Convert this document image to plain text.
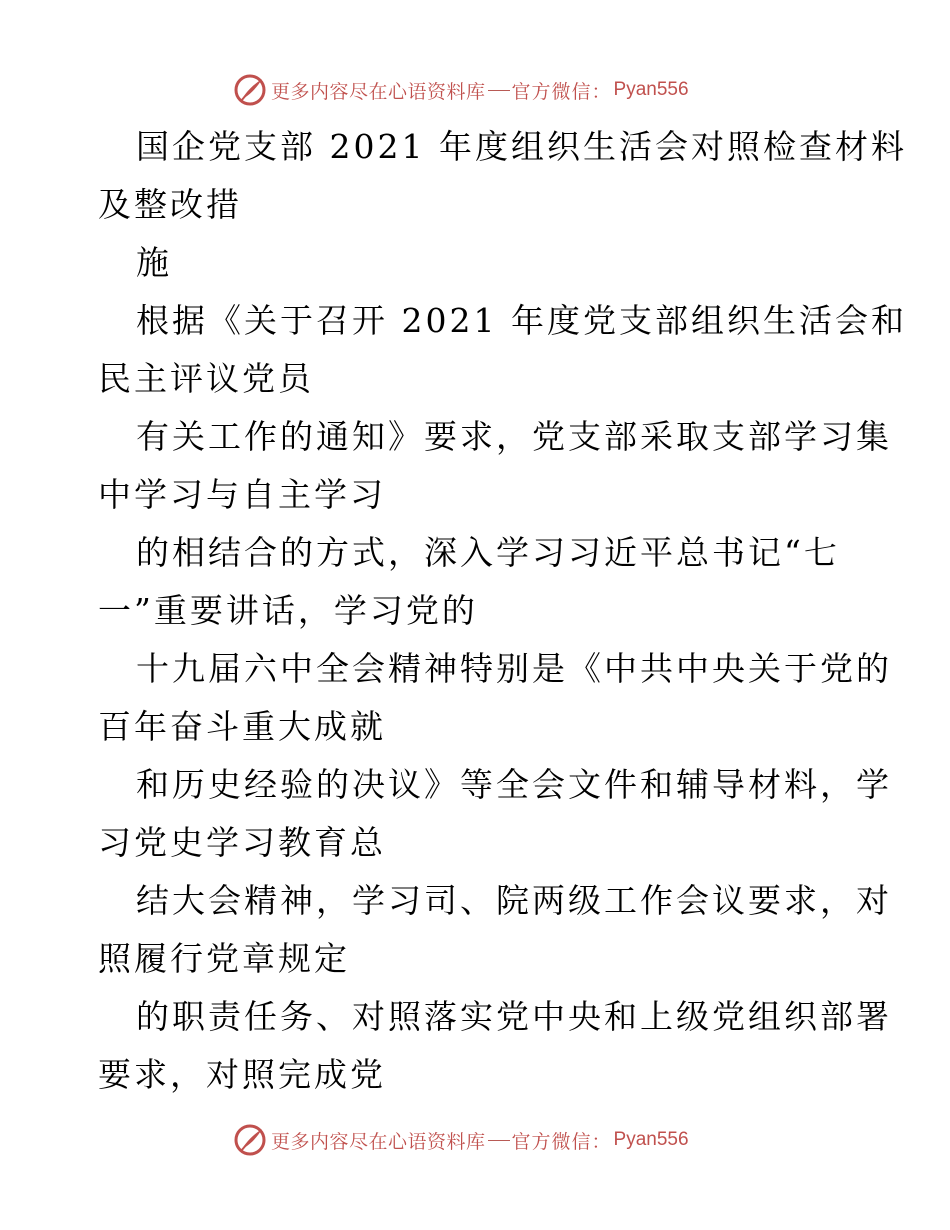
更多内容尽在心语资料库 官方微信： Pyan556
国企党支部 2021 年度组织生活会对照检查材料
及整改措
施
根据《关于召开 2021 年度党支部组织生活会和
民主评议党员
有关工作的通知》要求，党支部采取支部学习集
中学习与自主学习
的相结合的方式，深入学习习近平总书记“七
一”重要讲话，学习党的
十九届六中全会精神特别是《中共中央关于党的
百年奋斗重大成就
和历史经验的决议》等全会文件和辅导材料，学
习党史学习教育总
结大会精神，学习司、院两级工作会议要求，对
照履行党章规定
的职责任务、对照落实党中央和上级党组织部署
要求，对照完成党
更多内容尽在心语资料库 官方微信： Pyan556
